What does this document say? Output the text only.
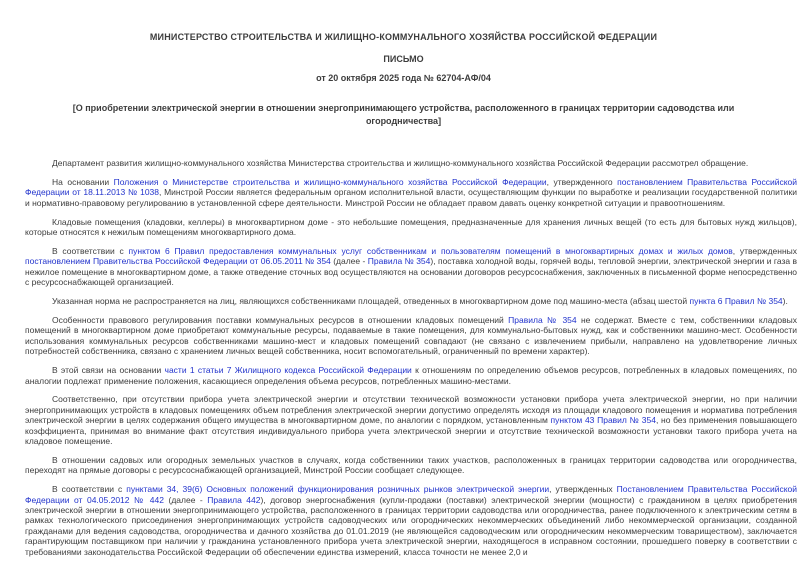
МИНИСТЕРСТВО СТРОИТЕЛЬСТВА И ЖИЛИЩНО-КОММУНАЛЬНОГО ХОЗЯЙСТВА РОССИЙСКОЙ ФЕДЕРАЦИИ
ПИСЬМО
от 20 октября 2025 года № 62704-АФ/04
[О приобретении электрической энергии в отношении энергопринимающего устройства, расположенного в границах территории садоводства или огородничества]

Департамент развития жилищно-коммунального хозяйства Министерства строительства и жилищно-коммунального хозяйства Российской Федерации рассмотрел обращение.

На основании Положения о Министерстве строительства и жилищно-коммунального хозяйства Российской Федерации, утвержденного постановлением Правительства Российской Федерации от 18.11.2013 № 1038, Минстрой России является федеральным органом исполнительной власти, осуществляющим функции по выработке и реализации государственной политики и нормативно-правовому регулированию в установленной сфере деятельности. Минстрой России не обладает правом давать оценку конкретной ситуации и правоотношениям.

Кладовые помещения (кладовки, келлеры) в многоквартирном доме - это небольшие помещения, предназначенные для хранения личных вещей (то есть для бытовых нужд жильцов), которые относятся к нежилым помещениям многоквартирного дома.

В соответствии с пунктом 6 Правил предоставления коммунальных услуг собственникам и пользователям помещений в многоквартирных домах и жилых домов, утвержденных постановлением Правительства Российской Федерации от 06.05.2011 № 354 (далее - Правила № 354), поставка холодной воды, горячей воды, тепловой энергии, электрической энергии и газа в нежилое помещение в многоквартирном доме, а также отведение сточных вод осуществляются на основании договоров ресурсоснабжения, заключенных в письменной форме непосредственно с ресурсоснабжающей организацией.

Указанная норма не распространяется на лиц, являющихся собственниками площадей, отведенных в многоквартирном доме под машино-места (абзац шестой пункта 6 Правил № 354).

Особенности правового регулирования поставки коммунальных ресурсов в отношении кладовых помещений Правила № 354 не содержат. Вместе с тем, собственники кладовых помещений в многоквартирном доме приобретают коммунальные ресурсы, подаваемые в такие помещения, для коммунально-бытовых нужд, как и собственники машино-мест. Особенности использования коммунальных ресурсов собственниками машино-мест и кладовых помещений совпадают (не связано с извлечением прибыли, направлено на удовлетворение личных потребностей собственника, связано с хранением личных вещей собственника, носит вспомогательный, ограниченный по времени характер).

В этой связи на основании части 1 статьи 7 Жилищного кодекса Российской Федерации к отношениям по определению объемов ресурсов, потребленных в кладовых помещениях, по аналогии подлежат применение положения, касающиеся определения объема ресурсов, потребленных машино-местами.

Соответственно, при отсутствии прибора учета электрической энергии и отсутствии технической возможности установки прибора учета электрической энергии, но при наличии энергопринимающих устройств в кладовых помещениях объем потребления электрической энергии допустимо определять исходя из площади кладового помещения и норматива потребления электрической энергии в целях содержания общего имущества в многоквартирном доме, по аналогии с порядком, установленным пунктом 43 Правил № 354, но без применения повышающего коэффициента, принимая во внимание факт отсутствия индивидуального прибора учета электрической энергии и отсутствие технической возможности установки такого прибора учета на кладовое помещение.

В отношении садовых или огородных земельных участков в случаях, когда собственники таких участков, расположенных в границах территории садоводства или огородничества, переходят на прямые договоры с ресурсоснабжающей организацией, Минстрой России сообщает следующее.

В соответствии с пунктами 34, 39(6) Основных положений функционирования розничных рынков электрической энергии, утвержденных Постановлением Правительства Российской Федерации от 04.05.2012 № 442 (далее - Правила 442), договор энергоснабжения (купли-продажи (поставки) электрической энергии (мощности) с гражданином в целях приобретения электрической энергии в отношении энергопринимающего устройства, расположенного в границах территории садоводства или огородничества, ранее подключенного к электрическим сетям в рамках технологического присоединения энергопринимающих устройств садоводческих или огороднических некоммерческих объединений либо некоммерческой организации, созданной гражданами для ведения садоводства, огородничества и дачного хозяйства до 01.01.2019 (не являющейся садоводческим или огородническим некоммерческим товариществом), заключается гарантирующим поставщиком при наличии у гражданина установленного прибора учета электрической энергии, находящегося в исправном состоянии, прошедшего поверку в соответствии с требованиями законодательства Российской Федерации об обеспечении единства измерений, класса точности не менее 2,0 и
